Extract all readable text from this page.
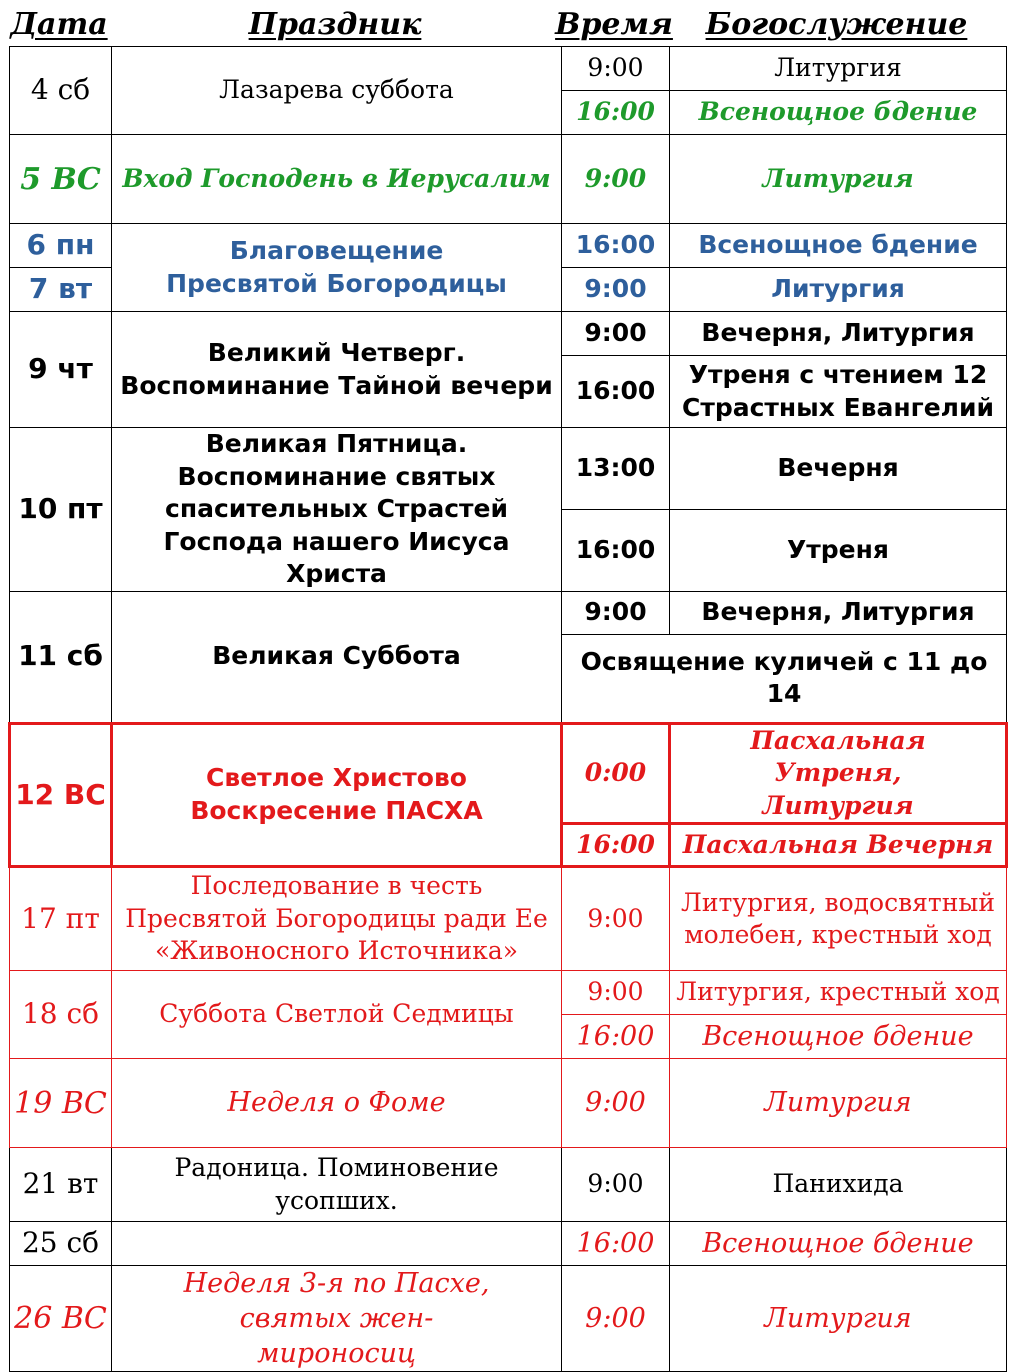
Дата	Праздник	Время	Богослужение
4 сб	Лазарева суббота	9:00	Литургия
		16:00	Всенощное бдение
5 ВС	Вход Господень в Иерусалим	9:00	Литургия
6 пн	Благовещение Пресвятой Богородицы	16:00	Всенощное бдение
7 вт		9:00	Литургия
9 чт	Великий Четверг. Воспоминание Тайной вечери	9:00	Вечерня, Литургия
		16:00	Утреня с чтением 12 Страстных Евангелий
10 пт	Великая Пятница. Воспоминание святых спасительных Страстей Господа нашего Иисуса Христа	13:00	Вечерня
		16:00	Утреня
11 сб	Великая Суббота	9:00	Вечерня, Литургия
		Освящение куличей с 11 до 14	
12 ВС	Светлое Христово Воскресение ПАСХА	0:00	Пасхальная Утреня, Литургия
		16:00	Пасхальная Вечерня
17 пт	Последование в честь Пресвятой Богородицы ради Ее «Живоносного Источника»	9:00	Литургия, водосвятный молебен, крестный ход
18 сб	Суббота Светлой Седмицы	9:00	Литургия, крестный ход
		16:00	Всенощное бдение
19 ВС	Неделя о Фоме	9:00	Литургия
21 вт	Радоница. Поминовение усопших.	9:00	Панихида
25 сб		16:00	Всенощное бдение
26 ВС	Неделя 3-я по Пасхе, святых жен-мироносиц	9:00	Литургия
